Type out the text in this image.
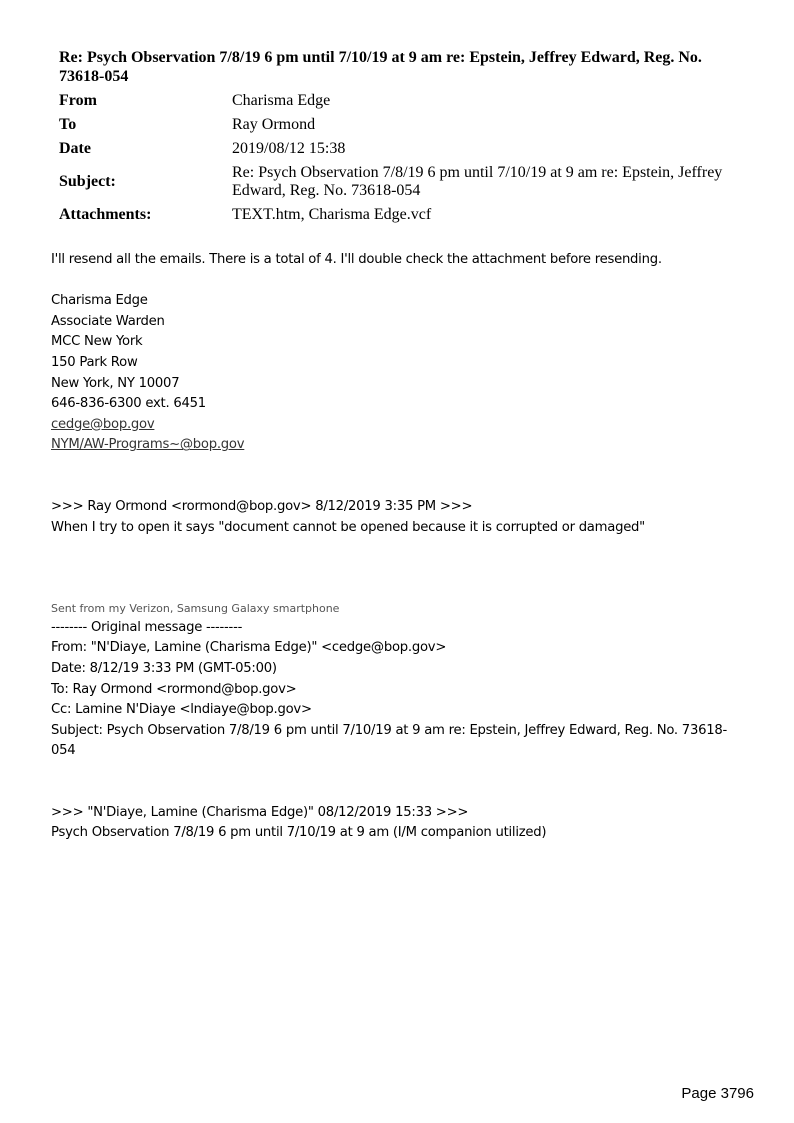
Re: Psych Observation 7/8/19 6 pm until 7/10/19 at 9 am re: Epstein, Jeffrey Edward, Reg. No. 73618-054
From	Charisma Edge
To	Ray Ormond
Date	2019/08/12 15:38
Subject:	Re: Psych Observation 7/8/19 6 pm until 7/10/19 at 9 am re: Epstein, Jeffrey Edward, Reg. No. 73618-054
Attachments:	TEXT.htm, Charisma Edge.vcf
I'll resend all the emails. There is a total of 4. I'll double check the attachment before resending.
Charisma Edge
Associate Warden
MCC New York
150 Park Row
New York, NY 10007
646-836-6300 ext. 6451
cedge@bop.gov
NYM/AW-Programs~@bop.gov
>>> Ray Ormond <rormond@bop.gov> 8/12/2019 3:35 PM >>>
When I try to open it says "document cannot be opened because it is corrupted or damaged"
Sent from my Verizon, Samsung Galaxy smartphone
-------- Original message --------
From: "N'Diaye, Lamine (Charisma Edge)" <cedge@bop.gov>
Date: 8/12/19 3:33 PM (GMT-05:00)
To: Ray Ormond <rormond@bop.gov>
Cc: Lamine N'Diaye <lndiaye@bop.gov>
Subject: Psych Observation 7/8/19 6 pm until 7/10/19 at 9 am re: Epstein, Jeffrey Edward, Reg. No. 73618-
054
>>> "N'Diaye, Lamine (Charisma Edge)" 08/12/2019 15:33 >>>
Psych Observation 7/8/19 6 pm until 7/10/19 at 9 am (I/M companion utilized)
Page 3796
